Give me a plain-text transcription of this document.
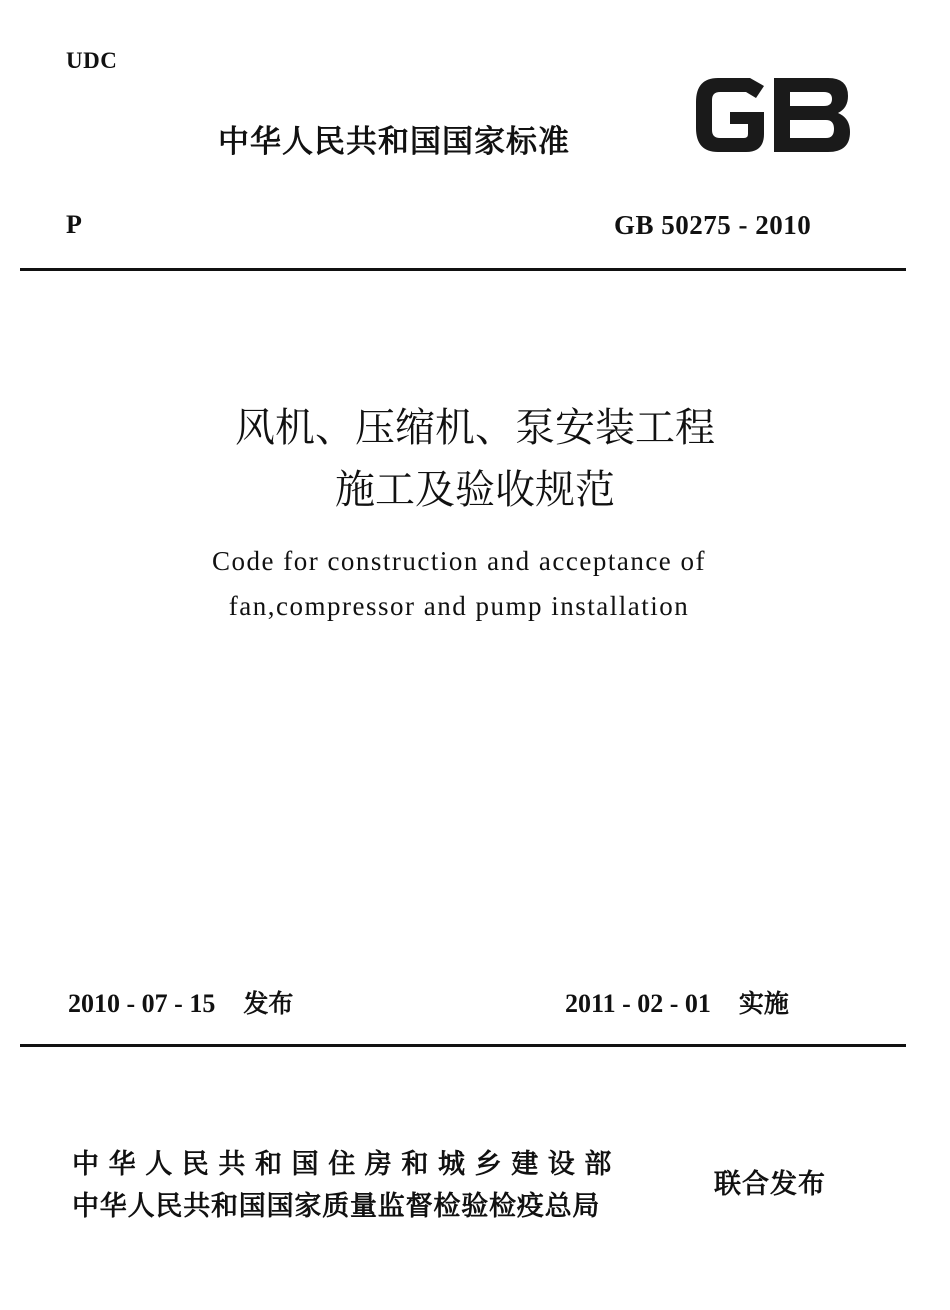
UDC
中华人民共和国国家标准
P	GB 50275 - 2010
风机、压缩机、泵安装工程
施工及验收规范
Code for construction and acceptance of
fan,compressor and pump installation
2010 - 07 - 15 发布	2011 - 02 - 01 实施
中华人民共和国住房和城乡建设部
中华人民共和国国家质量监督检验检疫总局
联合发布
